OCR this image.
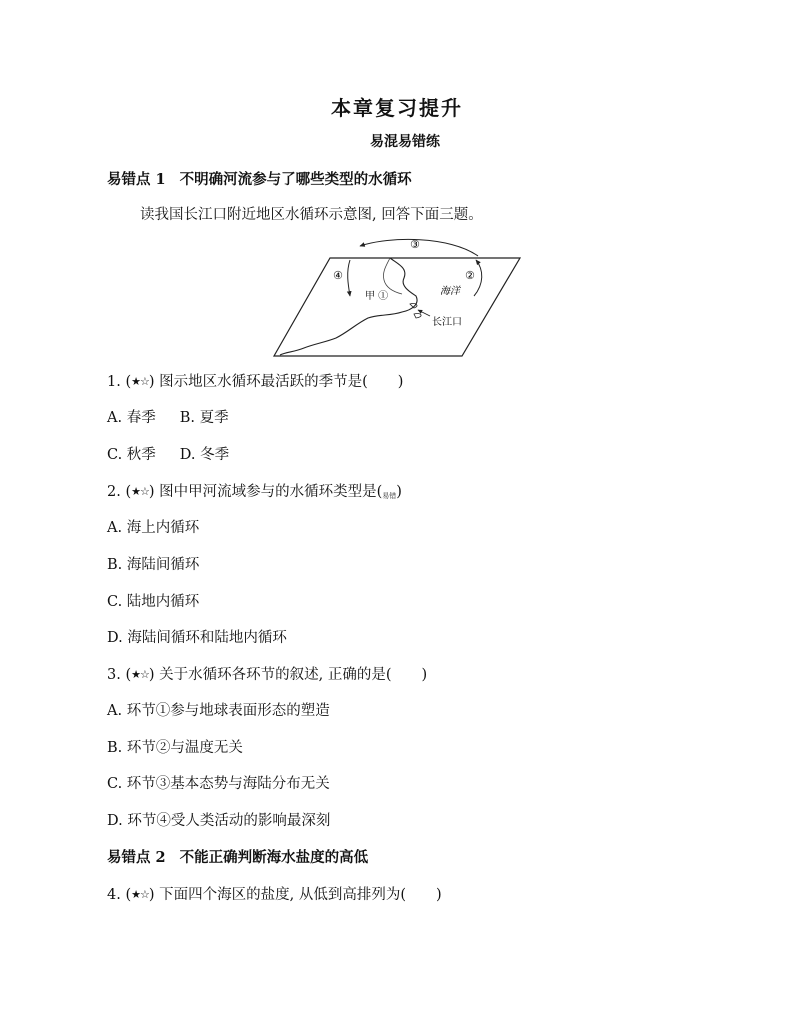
本章复习提升
易混易错练
易错点 1 不明确河流参与了哪些类型的水循环
读我国长江口附近地区水循环示意图, 回答下面三题。
③
②
④
甲 ①	海洋
长江口
1. (★☆) 图示地区水循环最活跃的季节是( )
A. 春季 B. 夏季
C. 秋季 D. 冬季
2. (★☆) 图中甲河流域参与的水循环类型是(易错)
A. 海上内循环
B. 海陆间循环
C. 陆地内循环
D. 海陆间循环和陆地内循环
3. (★☆) 关于水循环各环节的叙述, 正确的是( )
A. 环节①参与地球表面形态的塑造
B. 环节②与温度无关
C. 环节③基本态势与海陆分布无关
D. 环节④受人类活动的影响最深刻
易错点 2 不能正确判断海水盐度的高低
4. (★☆) 下面四个海区的盐度, 从低到高排列为( )
